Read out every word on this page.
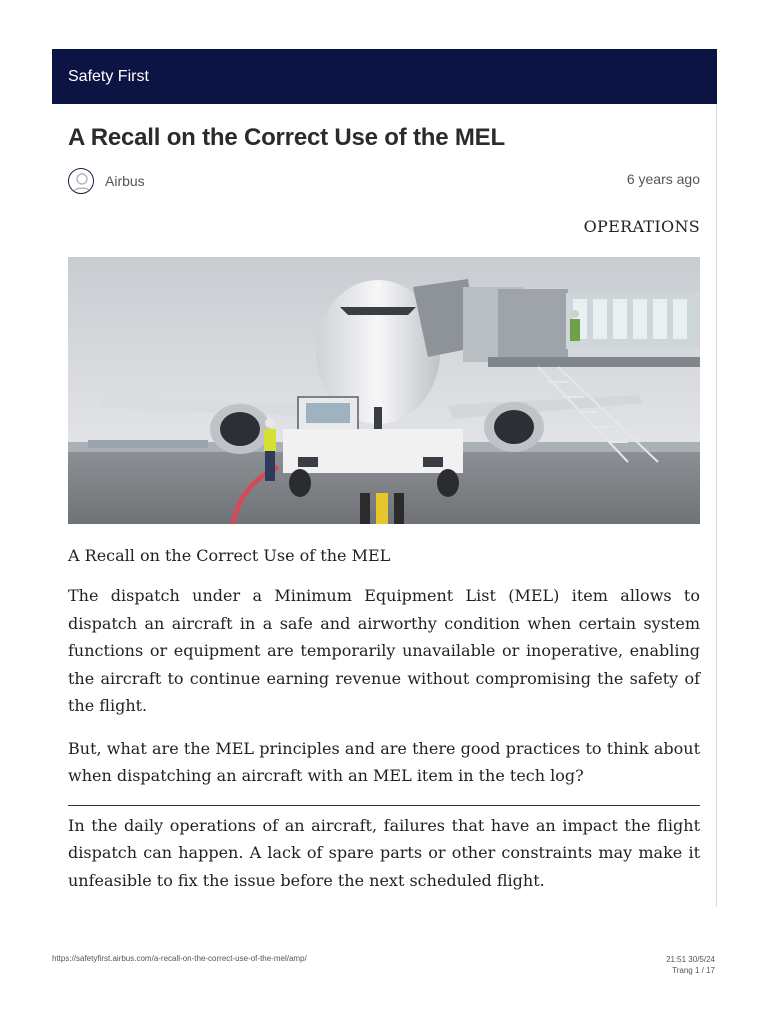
Safety First
A Recall on the Correct Use of the MEL
Airbus	6 years ago
OPERATIONS

A Recall on the Correct Use of the MEL

The dispatch under a Minimum Equipment List (MEL) item allows to dispatch an aircraft in a safe and airworthy condition when certain system functions or equipment are temporarily unavailable or inoperative, enabling the aircraft to continue earning revenue without compromising the safety of the flight.

But, what are the MEL principles and are there good practices to think about when dispatching an aircraft with an MEL item in the tech log?

In the daily operations of an aircraft, failures that have an impact the flight dispatch can happen. A lack of spare parts or other constraints may make it unfeasible to fix the issue before the next scheduled flight.

https://safetyfirst.airbus.com/a-recall-on-the-correct-use-of-the-mel/amp/	21:51 30/5/24
Trang 1 / 17
